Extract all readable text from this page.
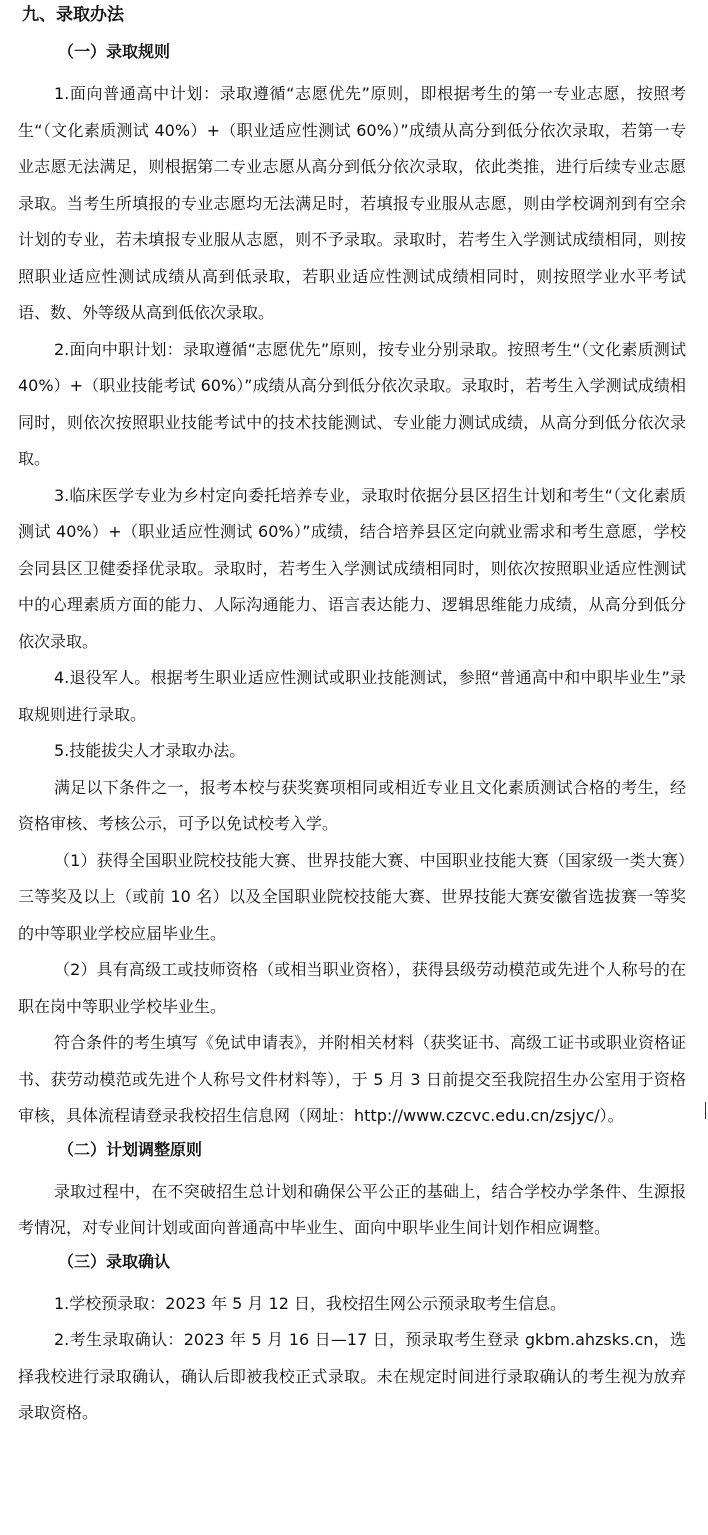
九、录取办法
（一）录取规则

1.面向普通高中计划：录取遵循“志愿优先”原则，即根据考生的第一专业志愿，按照考生“（文化素质测试 40%）+（职业适应性测试 60%）”成绩从高分到低分依次录取，若第一专业志愿无法满足，则根据第二专业志愿从高分到低分依次录取，依此类推，进行后续专业志愿录取。当考生所填报的专业志愿均无法满足时，若填报专业服从志愿，则由学校调剂到有空余计划的专业，若未填报专业服从志愿，则不予录取。录取时，若考生入学测试成绩相同，则按照职业适应性测试成绩从高到低录取，若职业适应性测试成绩相同时，则按照学业水平考试语、数、外等级从高到低依次录取。

2.面向中职计划：录取遵循“志愿优先”原则，按专业分别录取。按照考生“（文化素质测试 40%）+（职业技能考试 60%）”成绩从高分到低分依次录取。录取时，若考生入学测试成绩相同时，则依次按照职业技能考试中的技术技能测试、专业能力测试成绩，从高分到低分依次录取。

3.临床医学专业为乡村定向委托培养专业，录取时依据分县区招生计划和考生“（文化素质测试 40%）+（职业适应性测试 60%）”成绩，结合培养县区定向就业需求和考生意愿，学校会同县区卫健委择优录取。录取时，若考生入学测试成绩相同时，则依次按照职业适应性测试中的心理素质方面的能力、人际沟通能力、语言表达能力、逻辑思维能力成绩，从高分到低分依次录取。

4.退役军人。根据考生职业适应性测试或职业技能测试，参照“普通高中和中职毕业生”录取规则进行录取。

5.技能拔尖人才录取办法。

满足以下条件之一，报考本校与获奖赛项相同或相近专业且文化素质测试合格的考生，经资格审核、考核公示，可予以免试校考入学。

（1）获得全国职业院校技能大赛、世界技能大赛、中国职业技能大赛（国家级一类大赛）三等奖及以上（或前 10 名）以及全国职业院校技能大赛、世界技能大赛安徽省选拔赛一等奖的中等职业学校应届毕业生。

（2）具有高级工或技师资格（或相当职业资格），获得县级劳动模范或先进个人称号的在职在岗中等职业学校毕业生。

符合条件的考生填写《免试申请表》，并附相关材料（获奖证书、高级工证书或职业资格证书、获劳动模范或先进个人称号文件材料等），于 5 月 3 日前提交至我院招生办公室用于资格审核，具体流程请登录我校招生信息网（网址：http://www.czcvc.edu.cn/zsjyc/）。

（二）计划调整原则

录取过程中，在不突破招生总计划和确保公平公正的基础上，结合学校办学条件、生源报考情况，对专业间计划或面向普通高中毕业生、面向中职毕业生间计划作相应调整。

（三）录取确认

1.学校预录取：2023 年 5 月 12 日，我校招生网公示预录取考生信息。

2.考生录取确认：2023 年 5 月 16 日—17 日，预录取考生登录 gkbm.ahzsks.cn，选择我校进行录取确认，确认后即被我校正式录取。未在规定时间进行录取确认的考生视为放弃录取资格。
